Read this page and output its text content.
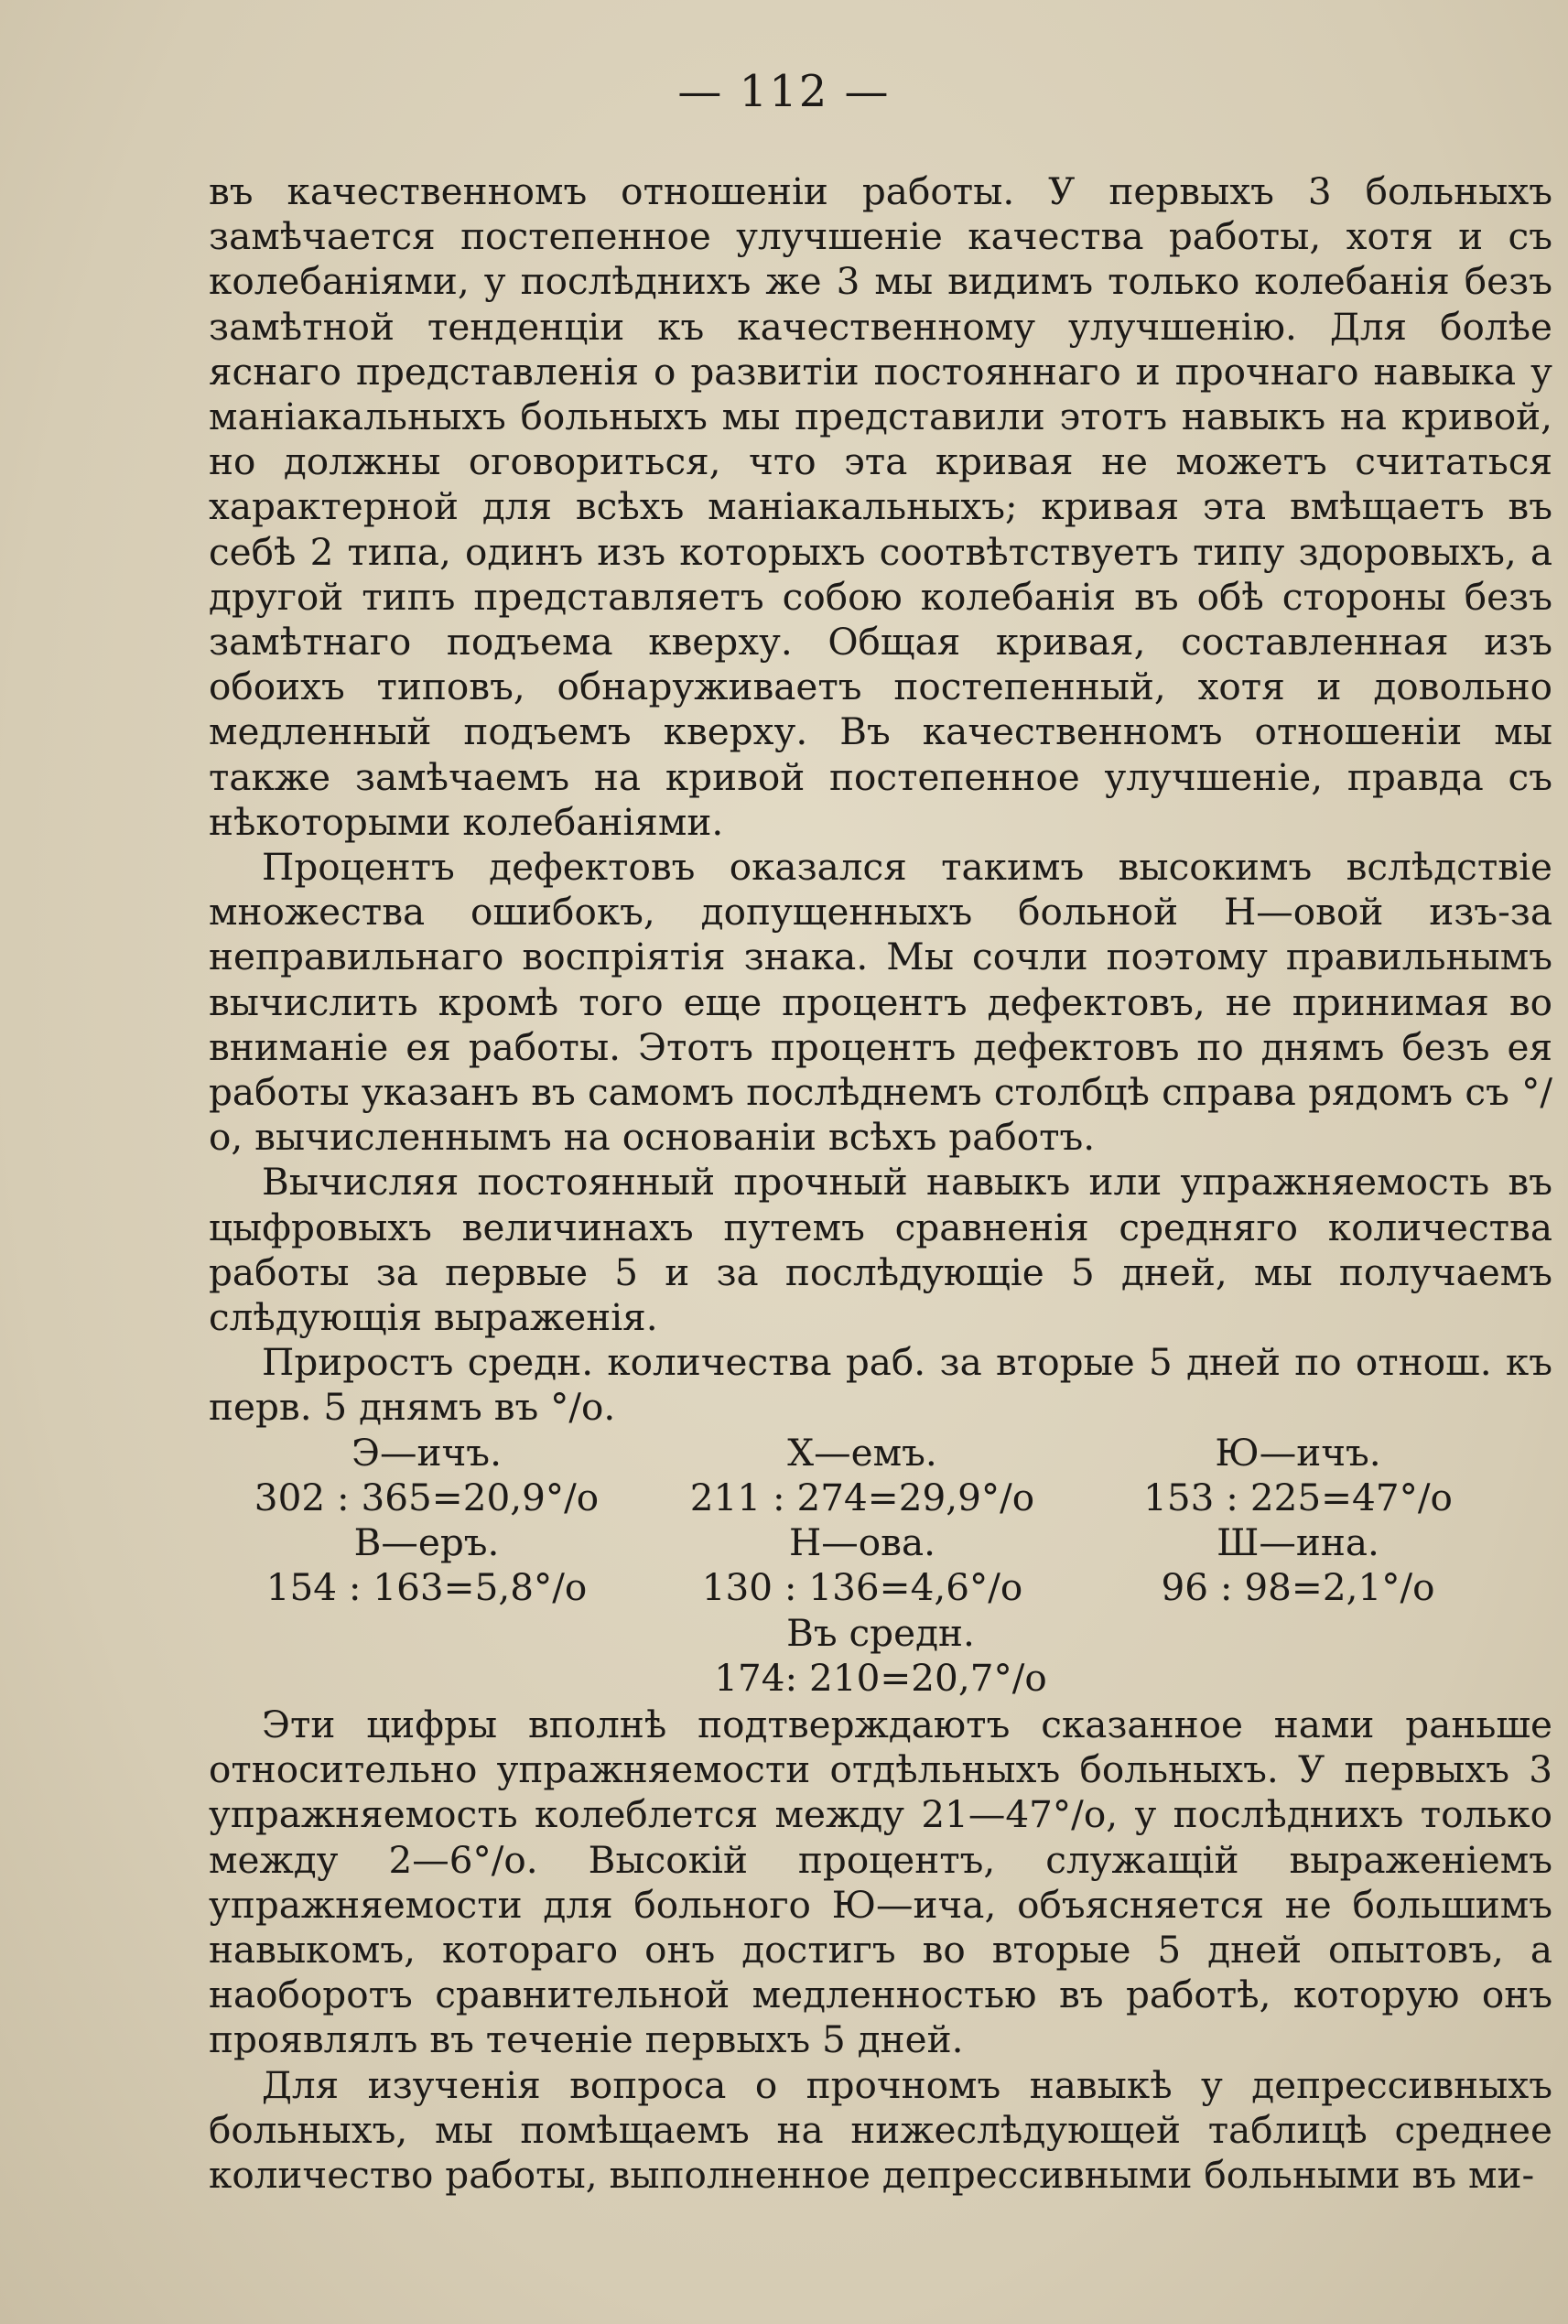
— 112 —

въ качественномъ отношеніи работы. У первыхъ 3 больныхъ замѣчается постепенное улучшеніе качества работы, хотя и съ колебаніями, у послѣднихъ же 3 мы видимъ только колебанія безъ замѣтной тенденціи къ качественному улучшенію. Для болѣе яснаго представленія о развитіи постояннаго и прочнаго навыка у маніакальныхъ больныхъ мы представили этотъ навыкъ на кривой, но должны оговориться, что эта кривая не можетъ считаться характерной для всѣхъ маніакальныхъ; кривая эта вмѣщаетъ въ себѣ 2 типа, одинъ изъ которыхъ соотвѣтствуетъ типу здоровыхъ, а другой типъ представляетъ собою колебанія въ обѣ стороны безъ замѣтнаго подъема кверху. Общая кривая, составленная изъ обоихъ типовъ, обнаруживаетъ постепенный, хотя и довольно медленный подъемъ кверху. Въ качественномъ отношеніи мы также замѣчаемъ на кривой постепенное улучшеніе, правда съ нѣкоторыми колебаніями.

Процентъ дефектовъ оказался такимъ высокимъ вслѣдствіе множества ошибокъ, допущенныхъ больной Н—овой изъ-за неправильнаго воспріятія знака. Мы сочли поэтому правильнымъ вычислить кромѣ того еще процентъ дефектовъ, не принимая во вниманіе ея работы. Этотъ процентъ дефектовъ по днямъ безъ ея работы указанъ въ самомъ послѣднемъ столбцѣ справа рядомъ съ °/о, вычисленнымъ на основаніи всѣхъ работъ.

Вычисляя постоянный прочный навыкъ или упражняемость въ цыфровыхъ величинахъ путемъ сравненія средняго количества работы за первые 5 и за послѣдующіе 5 дней, мы получаемъ слѣдующія выраженія.

Приростъ средн. количества раб. за вторые 5 дней по отнош. къ перв. 5 днямъ въ °/о.

Э—ичъ.	Х—емъ.	Ю—ичъ.
302 : 365=20,9°/о	211 : 274=29,9°/о	153 : 225=47°/о
В—еръ.	Н—ова.	Ш—ина.
154 : 163=5,8°/о	130 : 136=4,6°/о	96 : 98=2,1°/о
Въ средн.
174: 210=20,7°/о

Эти цифры вполнѣ подтверждаютъ сказанное нами раньше относительно упражняемости отдѣльныхъ больныхъ. У первыхъ 3 упражняемость колеблется между 21—47°/о, у послѣднихъ только между 2—6°/о. Высокій процентъ, служащій выраженіемъ упражняемости для больного Ю—ича, объясняется не большимъ навыкомъ, котораго онъ достигъ во вторые 5 дней опытовъ, а наоборотъ сравнительной медленностью въ работѣ, которую онъ проявлялъ въ теченіе первыхъ 5 дней.

Для изученія вопроса о прочномъ навыкѣ у депрессивныхъ больныхъ, мы помѣщаемъ на нижеслѣдующей таблицѣ среднее количество работы, выполненное депрессивными больными въ ми-
